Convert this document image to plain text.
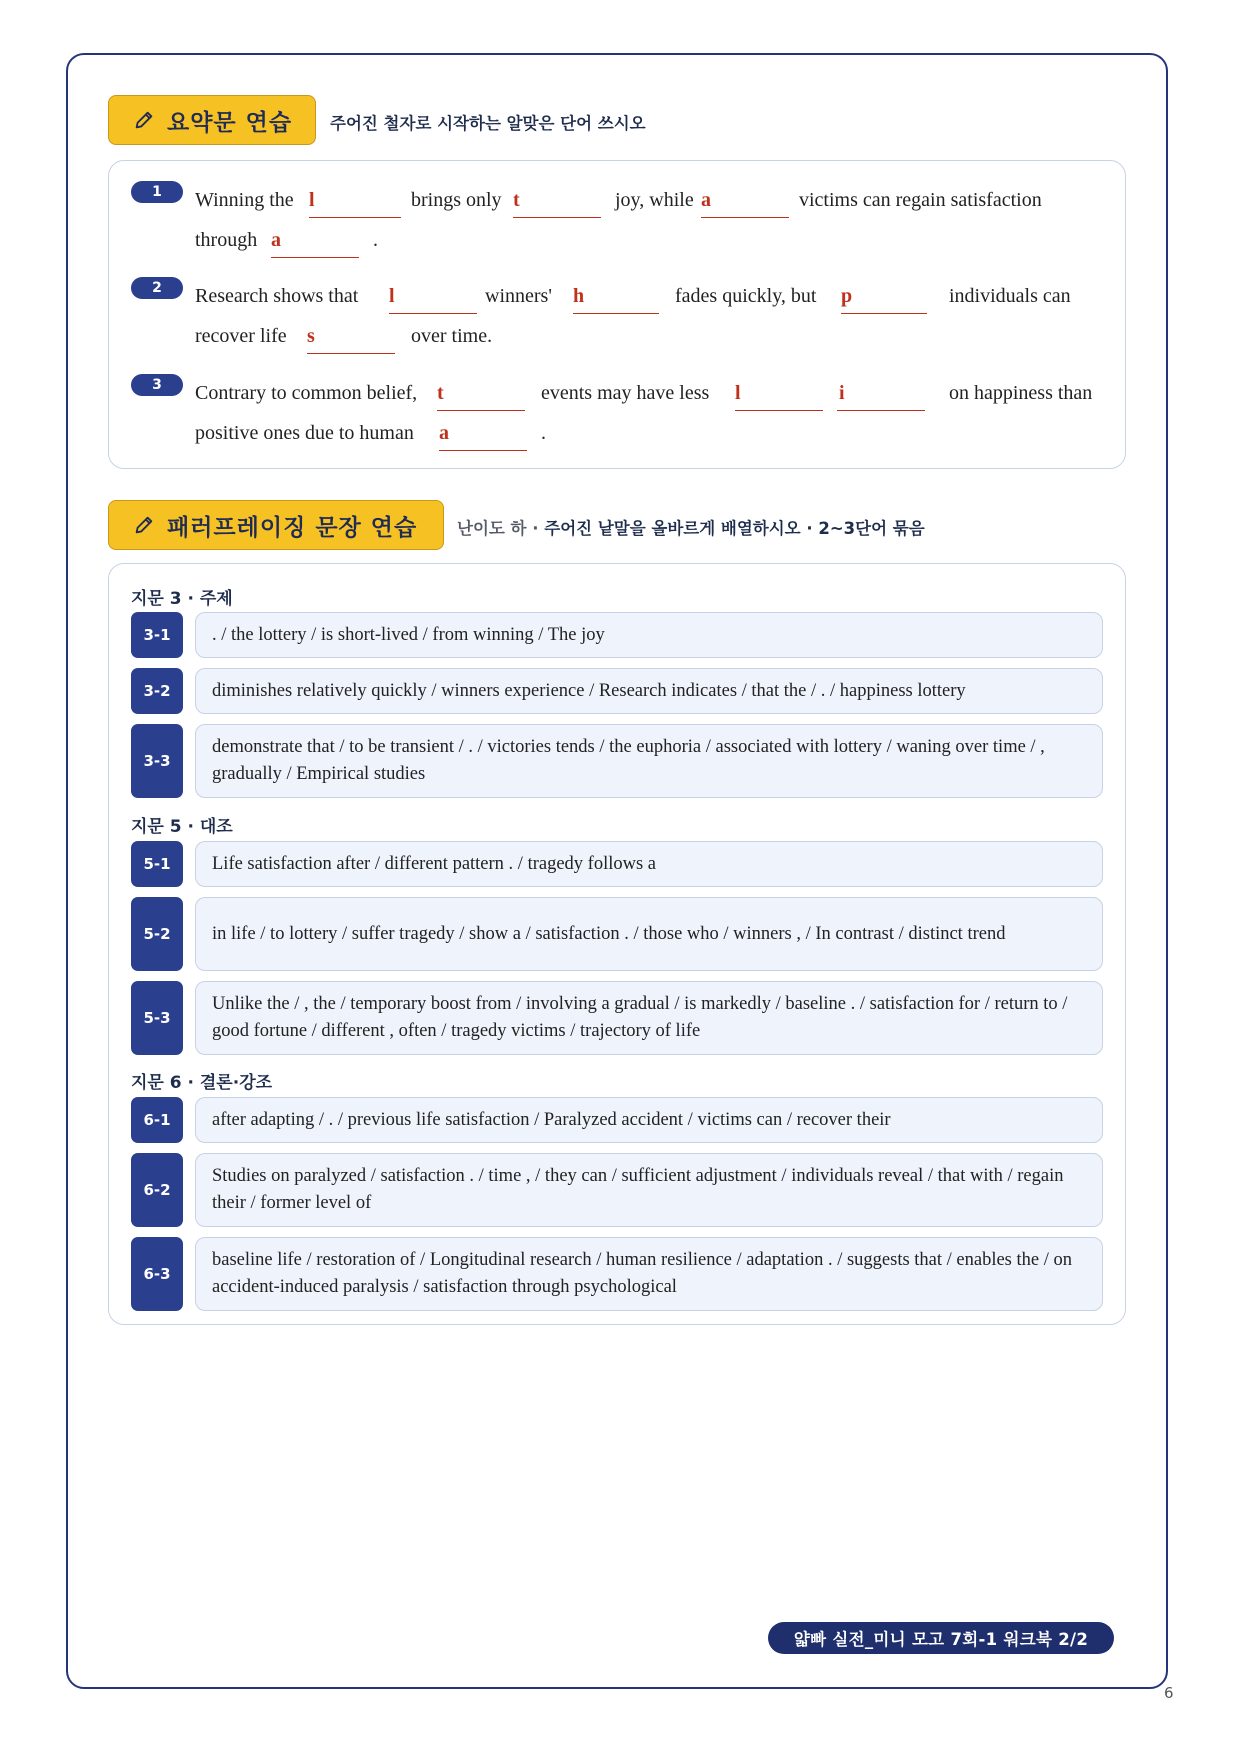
요약문 연습 주어진 철자로 시작하는 알맞은 단어 쓰시오
1	Winning the l	brings only t	joy, while a	victims can regain satisfaction
through a	.
2	Research shows that l	winners' h	fades quickly, but p	individuals can
recover life s	over time.
3	Contrary to common belief, t	events may have less l	i	on happiness than
positive ones due to human a	.
패러프레이징 문장 연습 난이도 하 · 주어진 낱말을 올바르게 배열하시오 · 2~3단어 묶음
지문 3 · 주제
3-1	. / the lottery / is short-lived / from winning / The joy
3-2	diminishes relatively quickly / winners experience / Research indicates / that the / . / happiness lottery
3-3
demonstrate that / to be transient / . / victories tends / the euphoria / associated with lottery / waning over time / , gradually / Empirical studies
지문 5 · 대조
5-1	Life satisfaction after / different pattern . / tragedy follows a
5-2	in life / to lottery / suffer tragedy / show a / satisfaction . / those who / winners , / In contrast / distinct trend
5-3
Unlike the / , the / temporary boost from / involving a gradual / is markedly / baseline . / satisfaction for / return to / good fortune / different , often / tragedy victims / trajectory of life
지문 6 · 결론·강조
6-1	after adapting / . / previous life satisfaction / Paralyzed accident / victims can / recover their
6-2
Studies on paralyzed / satisfaction . / time , / they can / sufficient adjustment / individuals reveal / that with / regain their / former level of
6-3
baseline life / restoration of / Longitudinal research / human resilience / adaptation . / suggests that / enables the / on accident-induced paralysis / satisfaction through psychological
얇빠 실전_미니 모고 7회-1 워크북 2/2
6
